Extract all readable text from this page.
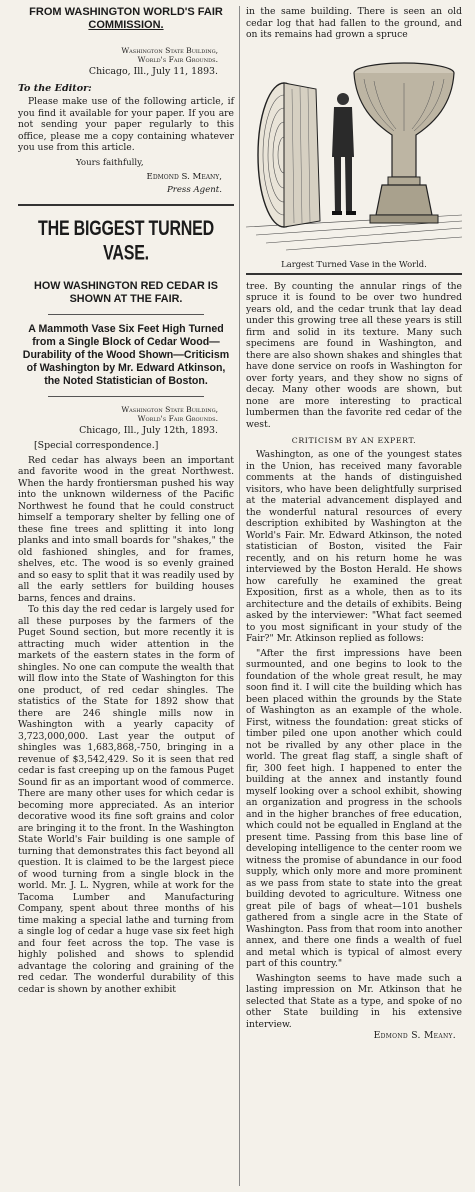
FROM WASHINGTON WORLD'S FAIR
COMMISSION.
Washington State Building,
World's Fair Grounds.
Chicago, Ill., July 11, 1893.
To the Editor:

Please make use of the following article, if you find it available for your paper. If you are not sending your paper regularly to this office, please me a copy containing whatever you use from this article.

Yours faithfully,
Edmond S. Meany,
Press Agent.
THE BIGGEST TURNED VASE.
HOW WASHINGTON RED CEDAR IS SHOWN AT THE FAIR.
A Mammoth Vase Six Feet High Turned from a Single Block of Cedar Wood—Durability of the Wood Shown—Criticism of Washington by Mr. Edward Atkinson, the Noted Statistician of Boston.
Washington State Building,
World's Fair Grounds.
Chicago, Ill., July 12th, 1893.
[Special correspondence.]

Red cedar has always been an important and favorite wood in the great Northwest. When the hardy frontiersman pushed his way into the unknown wilderness of the Pacific Northwest he found that he could construct himself a temporary shelter by felling one of these fine trees and splitting it into long planks and into small boards for "shakes," the old fashioned shingles, and for frames, shelves, etc. The wood is so evenly grained and so easy to split that it was readily used by all the early settlers for building houses barns, fences and drains.

To this day the red cedar is largely used for all these purposes by the farmers of the Puget Sound section, but more recently it is attracting much wider attention in the markets of the eastern states in the form of shingles. No one can compute the wealth that will flow into the State of Washington for this one product, of red cedar shingles. The statistics of the State for 1892 show that there are 246 shingle mills now in Washington with a yearly capacity of 3,723,000,000. Last year the output of shingles was 1,683,868,-750, bringing in a revenue of $3,542,429. So it is seen that red cedar is fast creeping up on the famous Puget Sound fir as an important wood of commerce. There are many other uses for which cedar is becoming more appreciated. As an interior decorative wood its fine soft grains and color are bringing it to the front. In the Washington State World's Fair building is one sample of turning that demonstrates this fact beyond all question. It is claimed to be the largest piece of wood turning from a single block in the world. Mr. J. L. Nygren, while at work for the Tacoma Lumber and Manufacturing Company, spent about three months of his time making a special lathe and turning from a single log of cedar a huge vase six feet high and four feet across the top. The vase is highly polished and shows to splendid advantage the coloring and graining of the red cedar. The wonderful durability of this cedar is shown by another exhibit

in the same building. There is seen an old cedar log that had fallen to the ground, and on its remains had grown a spruce

Largest Turned Vase in the World.

tree. By counting the annular rings of the spruce it is found to be over two hundred years old, and the cedar trunk that lay dead under this growing tree all these years is still firm and solid in its texture. Many such specimens are found in Washington, and there are also shown shakes and shingles that have done service on roofs in Washington for over forty years, and they show no signs of decay. Many other woods are shown, but none are more interesting to practical lumbermen than the favorite red cedar of the west.

CRITICISM BY AN EXPERT.

Washington, as one of the youngest states in the Union, has received many favorable comments at the hands of distinguished visitors, who have been delightfully surprised at the material advancement displayed and the wonderful natural resources of every description exhibited by Washington at the World's Fair. Mr. Edward Atkinson, the noted statistician of Boston, visited the Fair recently, and on his return home he was interviewed by the Boston Herald. He shows how carefully he examined the great Exposition, first as a whole, then as to its architecture and the details of exhibits. Being asked by the interviewer: "What fact seemed to you most significant in your study of the Fair?" Mr. Atkinson replied as follows:

"After the first impressions have been surmounted, and one begins to look to the foundation of the whole great result, he may soon find it. I will cite the building which has been placed within the grounds by the State of Washington as an example of the whole. First, witness the foundation: great sticks of timber piled one upon another which could not be rivalled by any other place in the world. The great flag staff, a single shaft of fir, 300 feet high. I happened to enter the building at the annex and instantly found myself looking over a school exhibit, showing an organization and progress in the schools and in the higher branches of free education, which could not be equalled in England at the present time. Passing from this base line of developing intelligence to the center room we witness the promise of abundance in our food supply, which only more and more prominent as we pass from state to state into the great building devoted to agriculture. Witness one great pile of bags of wheat—101 bushels gathered from a single acre in the State of Washington. Pass from that room into another annex, and there one finds a wealth of fuel and metal which is typical of almost every part of this country."

Washington seems to have made such a lasting impression on Mr. Atkinson that he selected that State as a type, and spoke of no other State building in his extensive interview.

Edmond S. Meany.
